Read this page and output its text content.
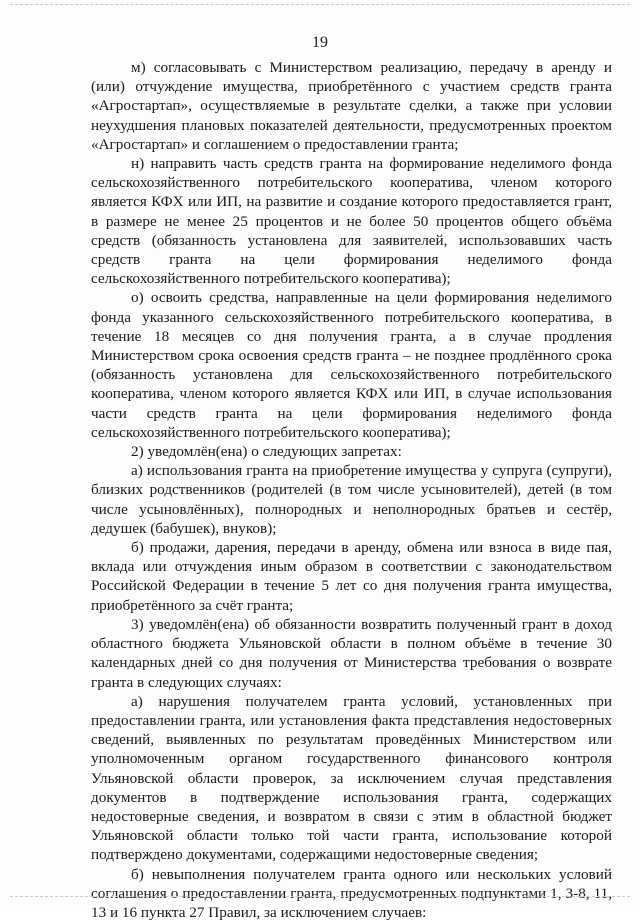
19

м) согласовывать с Министерством реализацию, передачу в аренду и (или) отчуждение имущества, приобретённого с участием средств гранта «Агростартап», осуществляемые в результате сделки, а также при условии неухудшения плановых показателей деятельности, предусмотренных проектом «Агростартап» и соглашением о предоставлении гранта;

н) направить часть средств гранта на формирование неделимого фонда сельскохозяйственного потребительского кооператива, членом которого является КФХ или ИП, на развитие и создание которого предоставляется грант, в размере не менее 25 процентов и не более 50 процентов общего объёма средств (обязанность установлена для заявителей, использовавших часть средств гранта на цели формирования неделимого фонда сельскохозяйственного потребительского кооператива);

о) освоить средства, направленные на цели формирования неделимого фонда указанного сельскохозяйственного потребительского кооператива, в течение 18 месяцев со дня получения гранта, а в случае продления Министерством срока освоения средств гранта – не позднее продлённого срока (обязанность установлена для сельскохозяйственного потребительского кооператива, членом которого является КФХ или ИП, в случае использования части средств гранта на цели формирования неделимого фонда сельскохозяйственного потребительского кооператива);

2) уведомлён(ена) о следующих запретах:

а) использования гранта на приобретение имущества у супруга (супруги), близких родственников (родителей (в том числе усыновителей), детей (в том числе усыновлённых), полнородных и неполнородных братьев и сестёр, дедушек (бабушек), внуков);

б) продажи, дарения, передачи в аренду, обмена или взноса в виде пая, вклада или отчуждения иным образом в соответствии с законодательством Российской Федерации в течение 5 лет со дня получения гранта имущества, приобретённого за счёт гранта;

3) уведомлён(ена) об обязанности возвратить полученный грант в доход областного бюджета Ульяновской области в полном объёме в течение 30 календарных дней со дня получения от Министерства требования о возврате гранта в следующих случаях:

а) нарушения получателем гранта условий, установленных при предоставлении гранта, или установления факта представления недостоверных сведений, выявленных по результатам проведённых Министерством или уполномоченным органом государственного финансового контроля Ульяновской области проверок, за исключением случая представления документов в подтверждение использования гранта, содержащих недостоверные сведения, и возвратом в связи с этим в областной бюджет Ульяновской области только той части гранта, использование которой подтверждено документами, содержащими недостоверные сведения;

б) невыполнения получателем гранта одного или нескольких условий соглашения о предоставлении гранта, предусмотренных подпунктами 1, 3-8, 11, 13 и 16 пункта 27 Правил, за исключением случаев:
